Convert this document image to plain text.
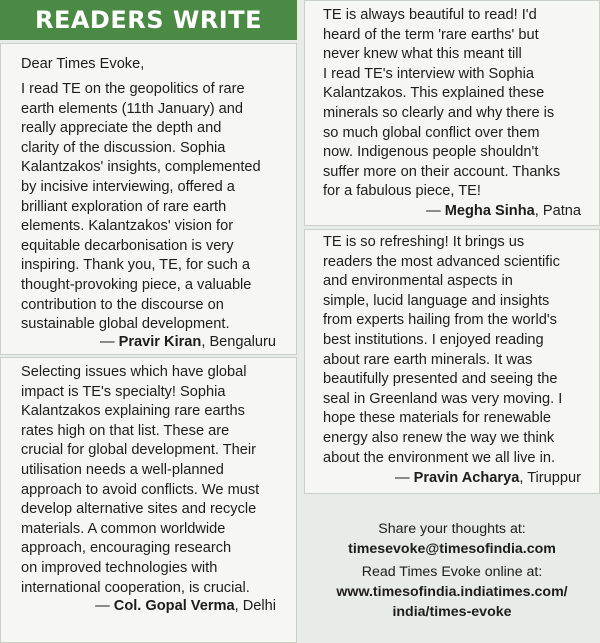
READERS WRITE
Dear Times Evoke,
I read TE on the geopolitics of rare
earth elements (11th January) and
really appreciate the depth and
clarity of the discussion. Sophia
Kalantzakos' insights, complemented
by incisive interviewing, offered a
brilliant exploration of rare earth
elements. Kalantzakos' vision for
equitable decarbonisation is very
inspiring. Thank you, TE, for such a
thought-provoking piece, a valuable
contribution to the discourse on
sustainable global development.
— Pravir Kiran, Bengaluru
Selecting issues which have global
impact is TE's specialty! Sophia
Kalantzakos explaining rare earths
rates high on that list. These are
crucial for global development. Their
utilisation needs a well-planned
approach to avoid conflicts. We must
develop alternative sites and recycle
materials. A common worldwide
approach, encouraging research
on improved technologies with
international cooperation, is crucial.
— Col. Gopal Verma, Delhi
TE is always beautiful to read! I'd
heard of the term 'rare earths' but
never knew what this meant till
I read TE's interview with Sophia
Kalantzakos. This explained these
minerals so clearly and why there is
so much global conflict over them
now. Indigenous people shouldn't
suffer more on their account. Thanks
for a fabulous piece, TE!
— Megha Sinha, Patna
TE is so refreshing! It brings us
readers the most advanced scientific
and environmental aspects in
simple, lucid language and insights
from experts hailing from the world's
best institutions. I enjoyed reading
about rare earth minerals. It was
beautifully presented and seeing the
seal in Greenland was very moving. I
hope these materials for renewable
energy also renew the way we think
about the environment we all live in.
— Pravin Acharya, Tiruppur
Share your thoughts at:
timesevoke@timesofindia.com
Read Times Evoke online at:
www.timesofindia.indiatimes.com/
india/times-evoke
